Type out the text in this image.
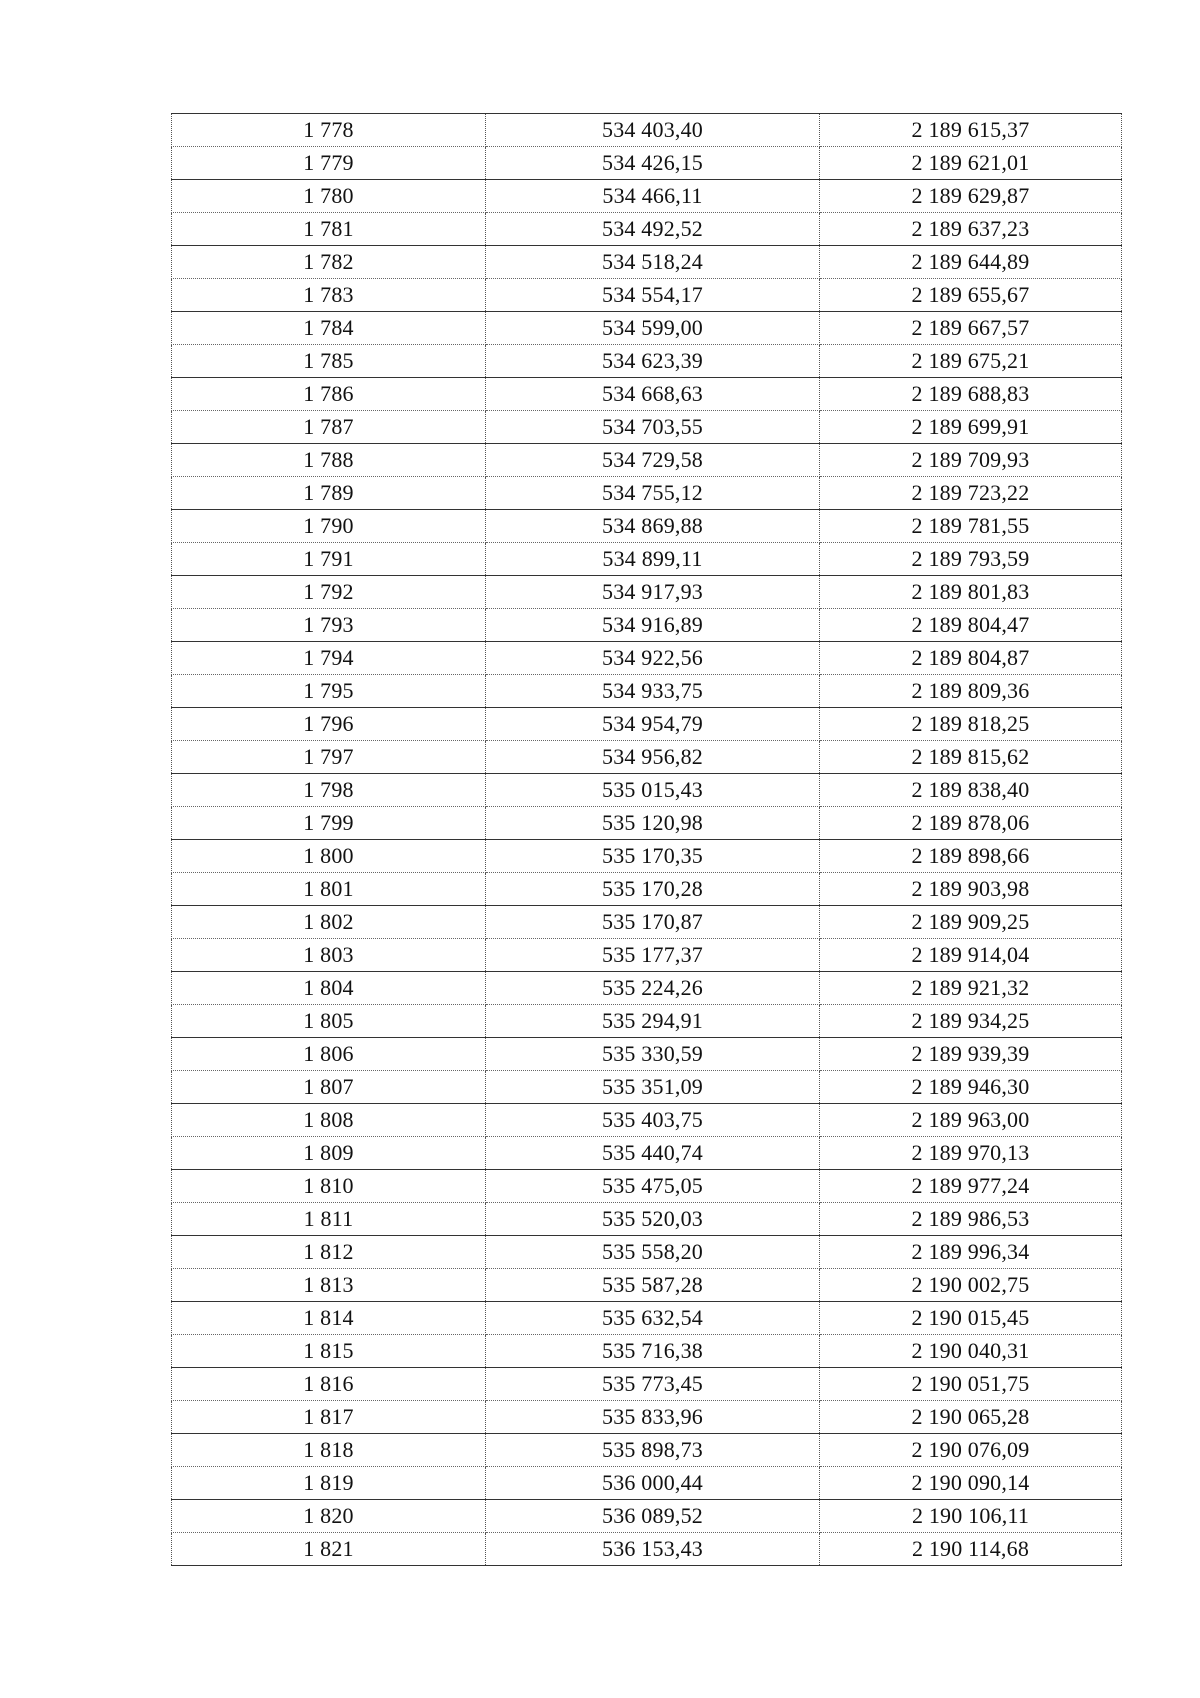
1 778	534 403,40	2 189 615,37
1 779	534 426,15	2 189 621,01
1 780	534 466,11	2 189 629,87
1 781	534 492,52	2 189 637,23
1 782	534 518,24	2 189 644,89
1 783	534 554,17	2 189 655,67
1 784	534 599,00	2 189 667,57
1 785	534 623,39	2 189 675,21
1 786	534 668,63	2 189 688,83
1 787	534 703,55	2 189 699,91
1 788	534 729,58	2 189 709,93
1 789	534 755,12	2 189 723,22
1 790	534 869,88	2 189 781,55
1 791	534 899,11	2 189 793,59
1 792	534 917,93	2 189 801,83
1 793	534 916,89	2 189 804,47
1 794	534 922,56	2 189 804,87
1 795	534 933,75	2 189 809,36
1 796	534 954,79	2 189 818,25
1 797	534 956,82	2 189 815,62
1 798	535 015,43	2 189 838,40
1 799	535 120,98	2 189 878,06
1 800	535 170,35	2 189 898,66
1 801	535 170,28	2 189 903,98
1 802	535 170,87	2 189 909,25
1 803	535 177,37	2 189 914,04
1 804	535 224,26	2 189 921,32
1 805	535 294,91	2 189 934,25
1 806	535 330,59	2 189 939,39
1 807	535 351,09	2 189 946,30
1 808	535 403,75	2 189 963,00
1 809	535 440,74	2 189 970,13
1 810	535 475,05	2 189 977,24
1 811	535 520,03	2 189 986,53
1 812	535 558,20	2 189 996,34
1 813	535 587,28	2 190 002,75
1 814	535 632,54	2 190 015,45
1 815	535 716,38	2 190 040,31
1 816	535 773,45	2 190 051,75
1 817	535 833,96	2 190 065,28
1 818	535 898,73	2 190 076,09
1 819	536 000,44	2 190 090,14
1 820	536 089,52	2 190 106,11
1 821	536 153,43	2 190 114,68
